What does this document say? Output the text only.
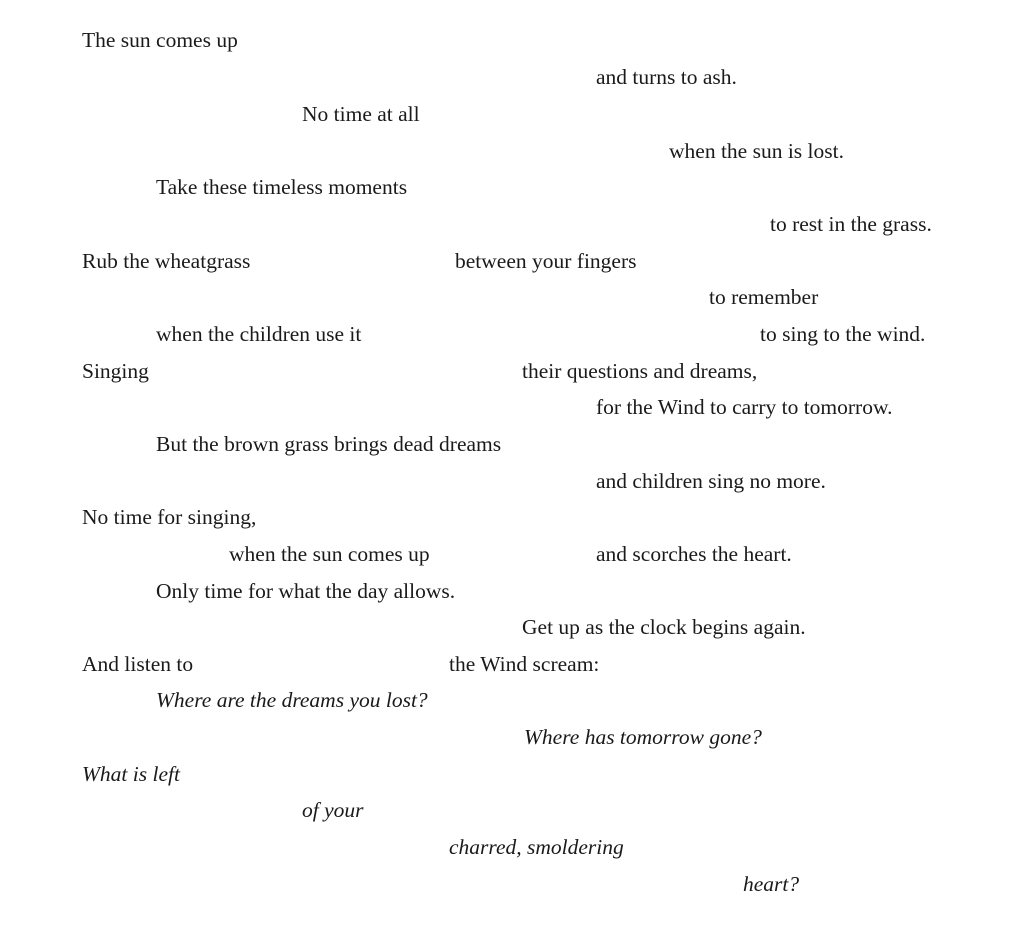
The sun comes up
and turns to ash.
No time at all
when the sun is lost.
Take these timeless moments
to rest in the grass.
Rub the wheatgrass	between your fingers
to remember
when the children use it	to sing to the wind.
Singing	their questions and dreams,
for the Wind to carry to tomorrow.
But the brown grass brings dead dreams
and children sing no more.
No time for singing,
when the sun comes up	and scorches the heart.
Only time for what the day allows.
Get up as the clock begins again.
And listen to	the Wind scream:
Where are the dreams you lost?
Where has tomorrow gone?
What is left
of your
charred, smoldering
heart?
